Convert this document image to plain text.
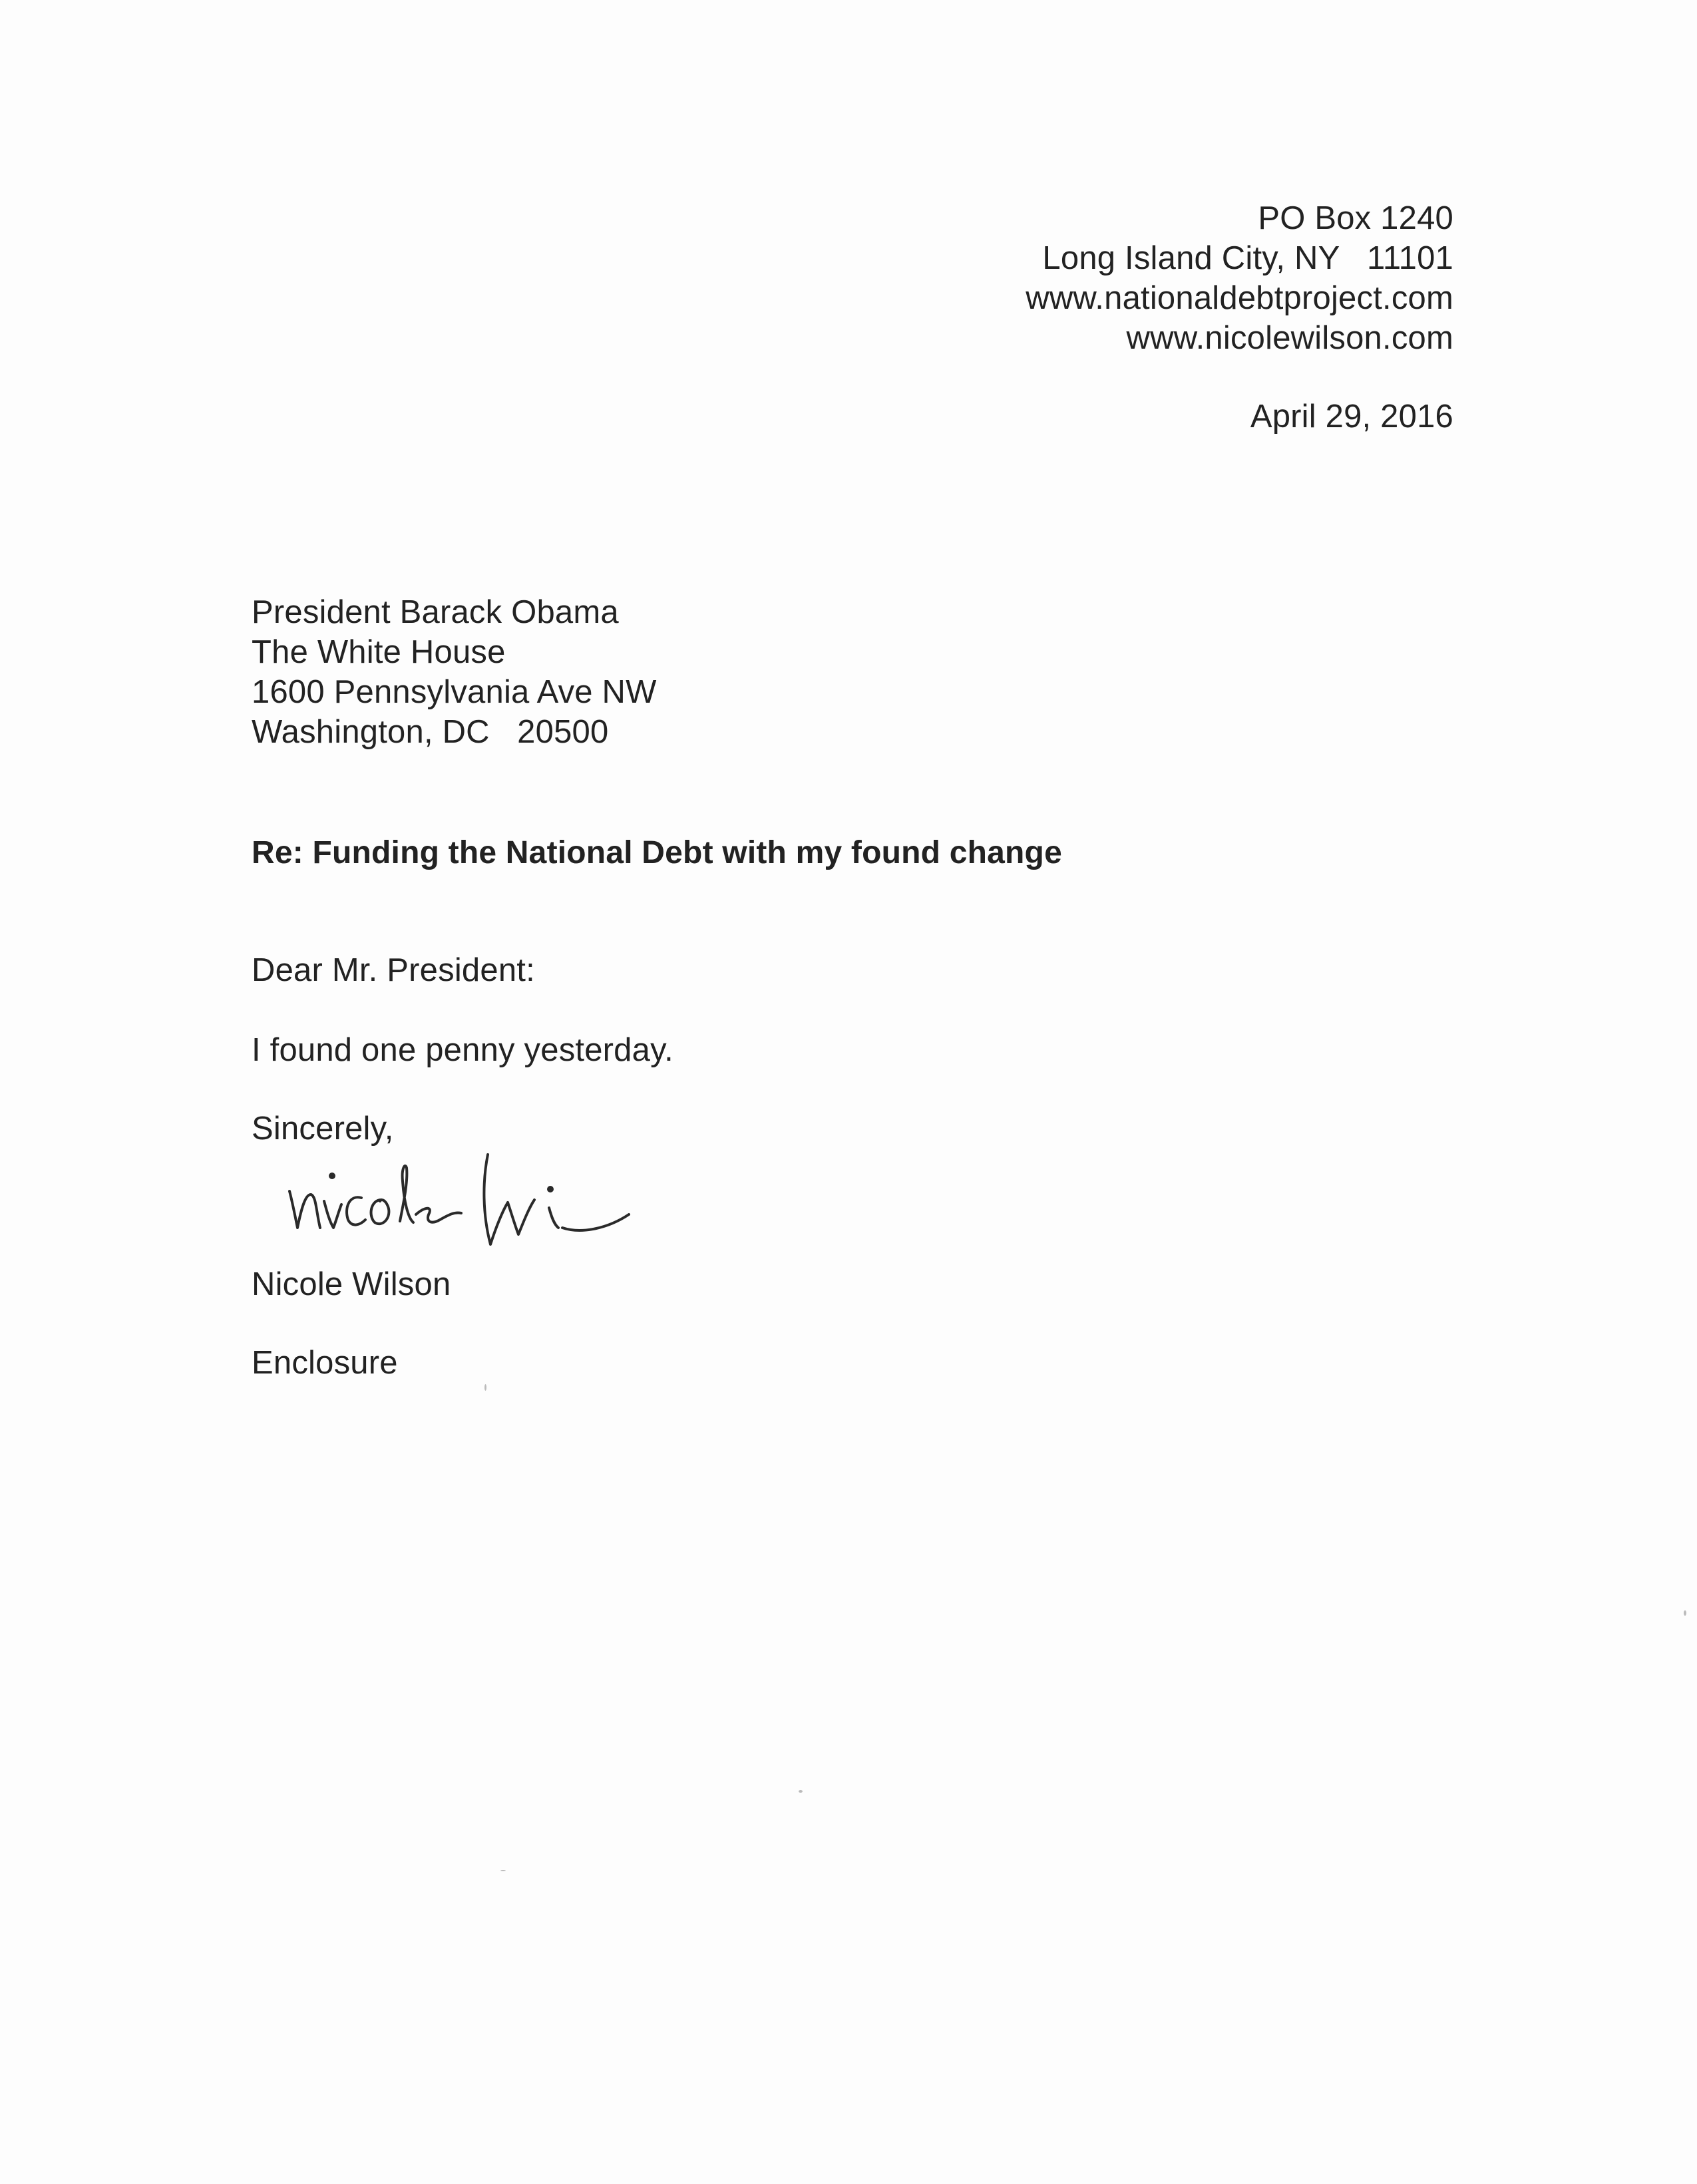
PO Box 1240
Long Island City, NY   11101
www.nationaldebtproject.com
www.nicolewilson.com
April 29, 2016
President Barack Obama
The White House
1600 Pennsylvania Ave NW
Washington, DC   20500
Re: Funding the National Debt with my found change
Dear Mr. President:
I found one penny yesterday.
Sincerely,
Nicole Wilson
Enclosure
